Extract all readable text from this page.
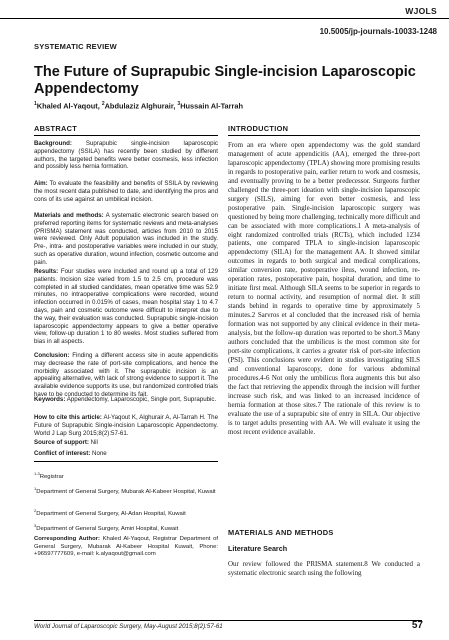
WJOLS
10.5005/jp-journals-10033-1248
SYSTEMATIC REVIEW
The Future of Suprapubic Single-incision Laparoscopic Appendectomy
$^1$Khaled Al-Yaqout, $^2$Abdulaziz Alghurair, $^3$Hussain Al-Tarrah
ABSTRACT
Background: Suprapubic single-incision laparoscopic appendectomy (SSILA) has recently been studied by different authors, the targeted benefits were better cosmesis, less infection and possibly less hernia formation.
Aim: To evaluate the feasibility and benefits of SSILA by reviewing the most recent data published to date, and identifying the pros and cons of its use against an umbilical incision.
Materials and methods: A systematic electronic search based on preferred reporting items for systematic reviews and meta-analyses (PRISMA) statement was conducted, articles from 2010 to 2015 were reviewed. Only Adult population was included in the study. Pre-, intra- and postoperative variables were included in our study, such as operative duration, wound infection, cosmetic outcome and pain.
Results: Four studies were included and round up a total of 129 patients. Incision size varied from 1.5 to 2.5 cm, procedure was completed in all studied candidates, mean operative time was 52.9 minutes, no intraoperative complications were recorded, wound infection occurred in 0.015% of cases, mean hospital stay 1 to 4.7 days, pain and cosmetic outcome were difficult to interpret due to the way, their evaluation was conducted. Suprapubic single-incision laparoscopic appendectomy appears to give a better operative view, follow-up duration 1 to 80 weeks. Most studies suffered from bias in all aspects.
Conclusion: Finding a different access site in acute appendicitis may decrease the rate of port-site complications, and hence the morbidity associated with it. The suprapubic incision is an appealing alternative, with lack of strong evidence to support it. The available evidence supports its use, but randomized controlled trials have to be conducted to determine its fait.
Keywords: Appendectomy, Laparoscopic, Single port, Suprapubic.
How to cite this article: Al-Yaqout K, Alghurair A, Al-Tarrah H. The Future of Suprapubic Single-incision Laparoscopic Appendectomy. World J Lap Surg 2015;8(2):57-61.
Source of support: Nil
Conflict of interest: None
$^{1-3}$Registrar
$^1$Department of General Surgery, Mubarak Al-Kabeer Hospital, Kuwait
$^2$Department of General Surgery, Al-Adan Hospital, Kuwait
$^3$Department of General Surgery, Amiri Hospital, Kuwait
Corresponding Author: Khaled Al-Yaqout, Registrar Department of General Surgery, Mubarak Al-Kabeer Hospital Kuwait, Phone: +96597777609, e-mail: k.alyaqout@gmail.com
INTRODUCTION
From an era where open appendectomy was the gold standard management of acute appendicitis (AA), emerged the three-port laparoscopic appendectomy (TPLA) showing more promising results in regards to postoperative pain, earlier return to work and cosmesis, and eventually proving to be a better predecessor. Surgeons further challenged the three-port ideation with single-incision laparoscopic surgery (SILS), aiming for even better cosmesis, and less postoperative pain. Single-incision laparoscopic surgery was questioned by being more challenging, technically more difficult and can be associated with more complications.1 A meta-analysis of eight randomized controlled trials (RCTs), which included 1234 patients, one compared TPLA to single-incision laparoscopic appendectomy (SILA) for the management AA. It showed similar outcomes in regards to both surgical and medical complications, similar conversion rate, postoperative ileus, wound infection, re-operation rates, postoperative pain, hospital duration, and time to initiate first meal. Although SILA seems to be superior in regards to return to normal activity, and resumption of normal diet. It still stands behind in regards to operative time by approximately 5 minutes.2 Sarvros et al concluded that the increased risk of hernia formation was not supported by any clinical evidence in their meta-analysis, but the follow-up duration was reported to be short.3 Many authors concluded that the umbilicus is the most common site for port-site complications, it carries a greater risk of port-site infection (PSI). This conclusions were evident in studies investigating SILS and conventional laparoscopy, done for various abdominal procedures.4-6 Not only the umbilicus flora augments this but also the fact that retrieving the appendix through the incision will further increase such risk, and was linked to an increased incidence of hernia formation at those sites.7 The rationale of this review is to evaluate the use of a suprapubic site of entry in SILA. Our objective is to target adults presenting with AA. We will evaluate it using the most recent evidence available.
MATERIALS AND METHODS
Literature Search
Our review followed the PRISMA statement.8 We conducted a systematic electronic search using the following
World Journal of Laparoscopic Surgery, May-August 2015;8(2):57-61	57
